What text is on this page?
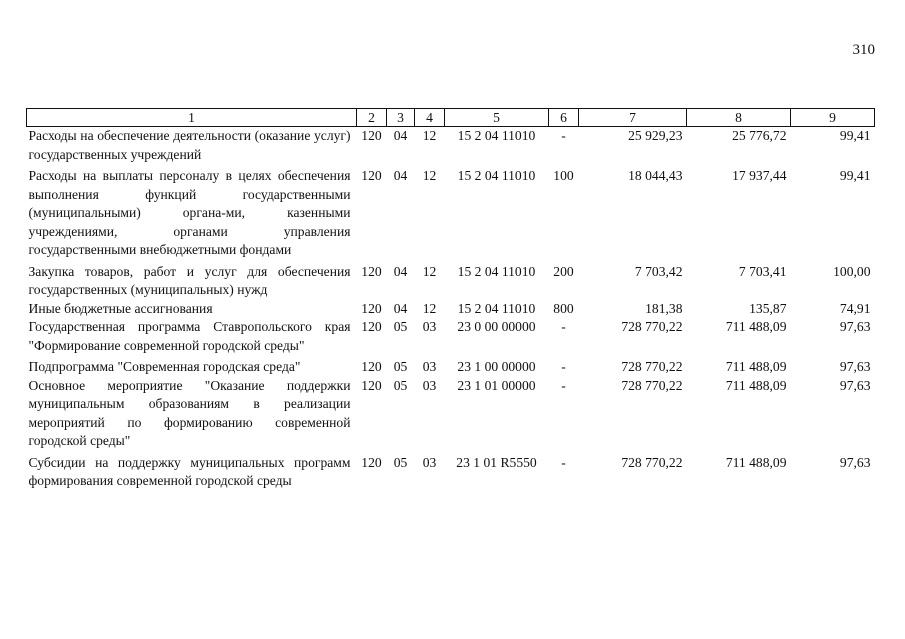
310
1	2	3	4	5	6	7	8	9
Расходы на обеспечение деятельности (оказание услуг) государственных учреждений	120	04	12	15 2 04 11010	-	25 929,23	25 776,72	99,41
Расходы на выплаты персоналу в целях обеспечения выполнения функций государственными (муниципальными) органа-ми, казенными учреждениями, органами управления государственными внебюджетными фондами	120	04	12	15 2 04 11010	100	18 044,43	17 937,44	99,41
Закупка товаров, работ и услуг для обеспечения государственных (муниципальных) нужд	120	04	12	15 2 04 11010	200	7 703,42	7 703,41	100,00
Иные бюджетные ассигнования	120	04	12	15 2 04 11010	800	181,38	135,87	74,91
Государственная программа Ставропольского края "Формирование современной городской среды"	120	05	03	23 0 00 00000	-	728 770,22	711 488,09	97,63
Подпрограмма "Современная городская среда"	120	05	03	23 1 00 00000	-	728 770,22	711 488,09	97,63
Основное мероприятие "Оказание поддержки муниципальным образованиям в реализации мероприятий по формированию современной городской среды"	120	05	03	23 1 01 00000	-	728 770,22	711 488,09	97,63
Субсидии на поддержку муниципальных программ формирования современной городской среды	120	05	03	23 1 01 R5550	-	728 770,22	711 488,09	97,63
